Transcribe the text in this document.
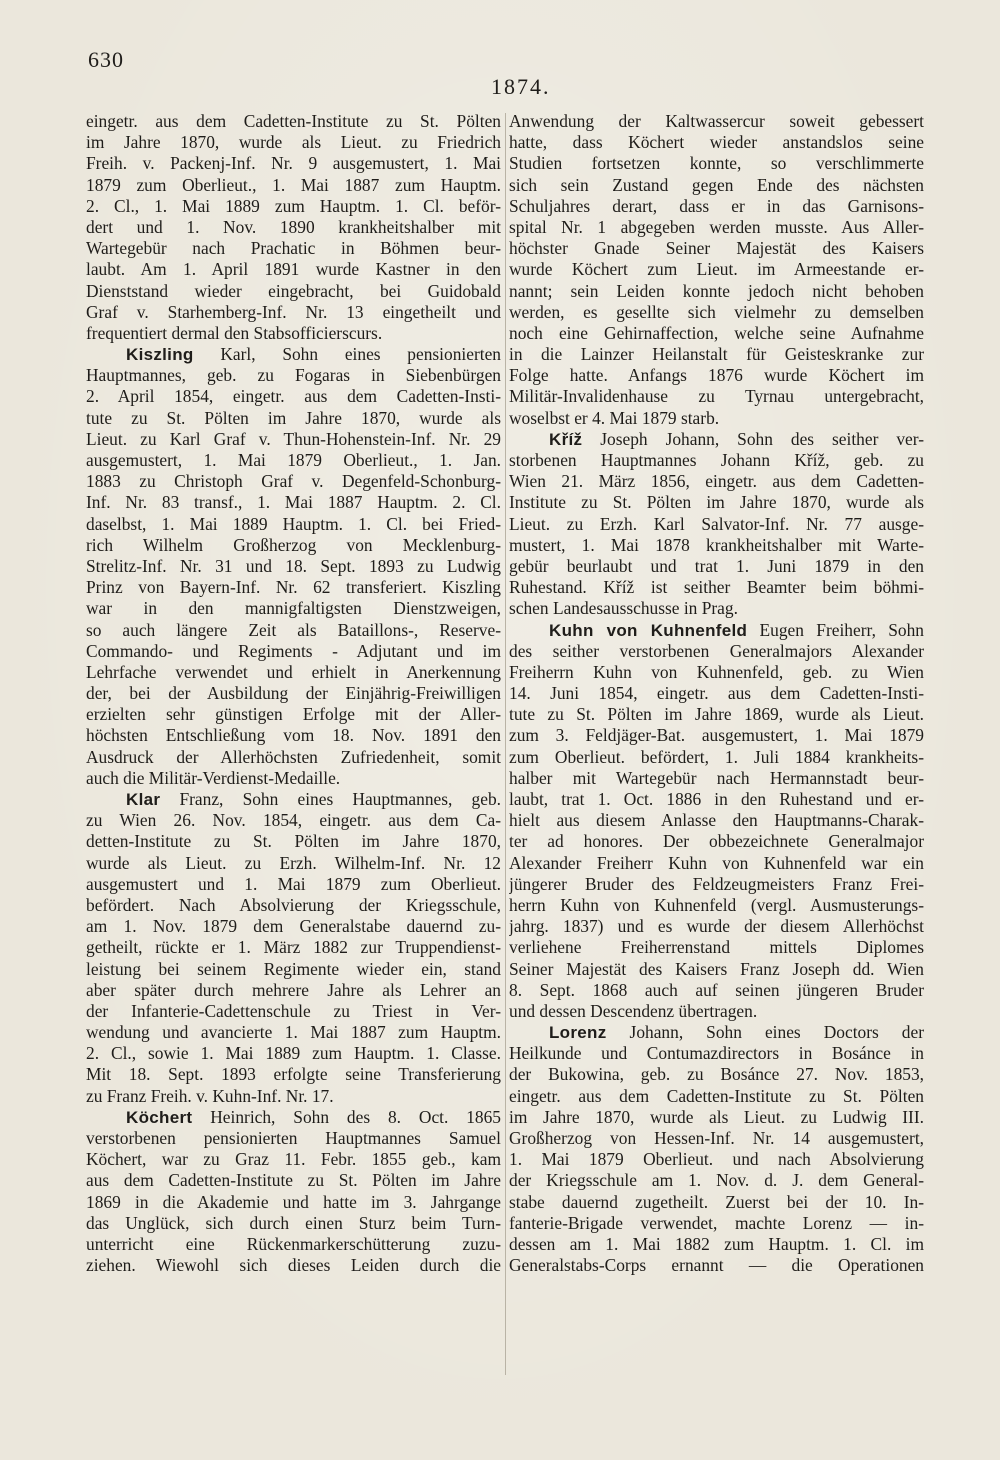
630
1874.
eingetr. aus dem Cadetten-Institute zu St. Pölten
im Jahre 1870, wurde als Lieut. zu Friedrich
Freih. v. Packenj-Inf. Nr. 9 ausgemustert, 1. Mai
1879 zum Oberlieut., 1. Mai 1887 zum Hauptm.
2. Cl., 1. Mai 1889 zum Hauptm. 1. Cl. beför-
dert und 1. Nov. 1890 krankheitshalber mit
Wartegebür nach Prachatic in Böhmen beur-
laubt. Am 1. April 1891 wurde Kastner in den
Dienststand wieder eingebracht, bei Guidobald
Graf v. Starhemberg-Inf. Nr. 13 eingetheilt und
frequentiert dermal den Stabsofficierscurs.
Kiszling Karl, Sohn eines pensionierten
Hauptmannes, geb. zu Fogaras in Siebenbürgen
2. April 1854, eingetr. aus dem Cadetten-Insti-
tute zu St. Pölten im Jahre 1870, wurde als
Lieut. zu Karl Graf v. Thun-Hohenstein-Inf. Nr. 29
ausgemustert, 1. Mai 1879 Oberlieut., 1. Jan.
1883 zu Christoph Graf v. Degenfeld-Schonburg-
Inf. Nr. 83 transf., 1. Mai 1887 Hauptm. 2. Cl.
daselbst, 1. Mai 1889 Hauptm. 1. Cl. bei Fried-
rich Wilhelm Großherzog von Mecklenburg-
Strelitz-Inf. Nr. 31 und 18. Sept. 1893 zu Ludwig
Prinz von Bayern-Inf. Nr. 62 transferiert. Kiszling
war in den mannigfaltigsten Dienstzweigen,
so auch längere Zeit als Bataillons-, Reserve-
Commando- und Regiments - Adjutant und im
Lehrfache verwendet und erhielt in Anerkennung
der, bei der Ausbildung der Einjährig-Freiwilligen
erzielten sehr günstigen Erfolge mit der Aller-
höchsten Entschließung vom 18. Nov. 1891 den
Ausdruck der Allerhöchsten Zufriedenheit, somit
auch die Militär-Verdienst-Medaille.
Klar Franz, Sohn eines Hauptmannes, geb.
zu Wien 26. Nov. 1854, eingetr. aus dem Ca-
detten-Institute zu St. Pölten im Jahre 1870,
wurde als Lieut. zu Erzh. Wilhelm-Inf. Nr. 12
ausgemustert und 1. Mai 1879 zum Oberlieut.
befördert. Nach Absolvierung der Kriegsschule,
am 1. Nov. 1879 dem Generalstabe dauernd zu-
getheilt, rückte er 1. März 1882 zur Truppendienst-
leistung bei seinem Regimente wieder ein, stand
aber später durch mehrere Jahre als Lehrer an
der Infanterie-Cadettenschule zu Triest in Ver-
wendung und avancierte 1. Mai 1887 zum Hauptm.
2. Cl., sowie 1. Mai 1889 zum Hauptm. 1. Classe.
Mit 18. Sept. 1893 erfolgte seine Transferierung
zu Franz Freih. v. Kuhn-Inf. Nr. 17.
Köchert Heinrich, Sohn des 8. Oct. 1865
verstorbenen pensionierten Hauptmannes Samuel
Köchert, war zu Graz 11. Febr. 1855 geb., kam
aus dem Cadetten-Institute zu St. Pölten im Jahre
1869 in die Akademie und hatte im 3. Jahrgange
das Unglück, sich durch einen Sturz beim Turn-
unterricht eine Rückenmarkerschütterung zuzu-
ziehen. Wiewohl sich dieses Leiden durch die
Anwendung der Kaltwassercur soweit gebessert
hatte, dass Köchert wieder anstandslos seine
Studien fortsetzen konnte, so verschlimmerte
sich sein Zustand gegen Ende des nächsten
Schuljahres derart, dass er in das Garnisons-
spital Nr. 1 abgegeben werden musste. Aus Aller-
höchster Gnade Seiner Majestät des Kaisers
wurde Köchert zum Lieut. im Armeestande er-
nannt; sein Leiden konnte jedoch nicht behoben
werden, es gesellte sich vielmehr zu demselben
noch eine Gehirnaffection, welche seine Aufnahme
in die Lainzer Heilanstalt für Geisteskranke zur
Folge hatte. Anfangs 1876 wurde Köchert im
Militär-Invalidenhause zu Tyrnau untergebracht,
woselbst er 4. Mai 1879 starb.
Kříž Joseph Johann, Sohn des seither ver-
storbenen Hauptmannes Johann Kříž, geb. zu
Wien 21. März 1856, eingetr. aus dem Cadetten-
Institute zu St. Pölten im Jahre 1870, wurde als
Lieut. zu Erzh. Karl Salvator-Inf. Nr. 77 ausge-
mustert, 1. Mai 1878 krankheitshalber mit Warte-
gebür beurlaubt und trat 1. Juni 1879 in den
Ruhestand. Kříž ist seither Beamter beim böhmi-
schen Landesausschusse in Prag.
Kuhn von Kuhnenfeld Eugen Freiherr, Sohn
des seither verstorbenen Generalmajors Alexander
Freiherrn Kuhn von Kuhnenfeld, geb. zu Wien
14. Juni 1854, eingetr. aus dem Cadetten-Insti-
tute zu St. Pölten im Jahre 1869, wurde als Lieut.
zum 3. Feldjäger-Bat. ausgemustert, 1. Mai 1879
zum Oberlieut. befördert, 1. Juli 1884 krankheits-
halber mit Wartegebür nach Hermannstadt beur-
laubt, trat 1. Oct. 1886 in den Ruhestand und er-
hielt aus diesem Anlasse den Hauptmanns-Charak-
ter ad honores. Der obbezeichnete Generalmajor
Alexander Freiherr Kuhn von Kuhnenfeld war ein
jüngerer Bruder des Feldzeugmeisters Franz Frei-
herrn Kuhn von Kuhnenfeld (vergl. Ausmusterungs-
jahrg. 1837) und es wurde der diesem Allerhöchst
verliehene Freiherrenstand mittels Diplomes
Seiner Majestät des Kaisers Franz Joseph dd. Wien
8. Sept. 1868 auch auf seinen jüngeren Bruder
und dessen Descendenz übertragen.
Lorenz Johann, Sohn eines Doctors der
Heilkunde und Contumazdirectors in Bosánce in
der Bukowina, geb. zu Bosánce 27. Nov. 1853,
eingetr. aus dem Cadetten-Institute zu St. Pölten
im Jahre 1870, wurde als Lieut. zu Ludwig III.
Großherzog von Hessen-Inf. Nr. 14 ausgemustert,
1. Mai 1879 Oberlieut. und nach Absolvierung
der Kriegsschule am 1. Nov. d. J. dem General-
stabe dauernd zugetheilt. Zuerst bei der 10. In-
fanterie-Brigade verwendet, machte Lorenz — in-
dessen am 1. Mai 1882 zum Hauptm. 1. Cl. im
Generalstabs-Corps ernannt — die Operationen
